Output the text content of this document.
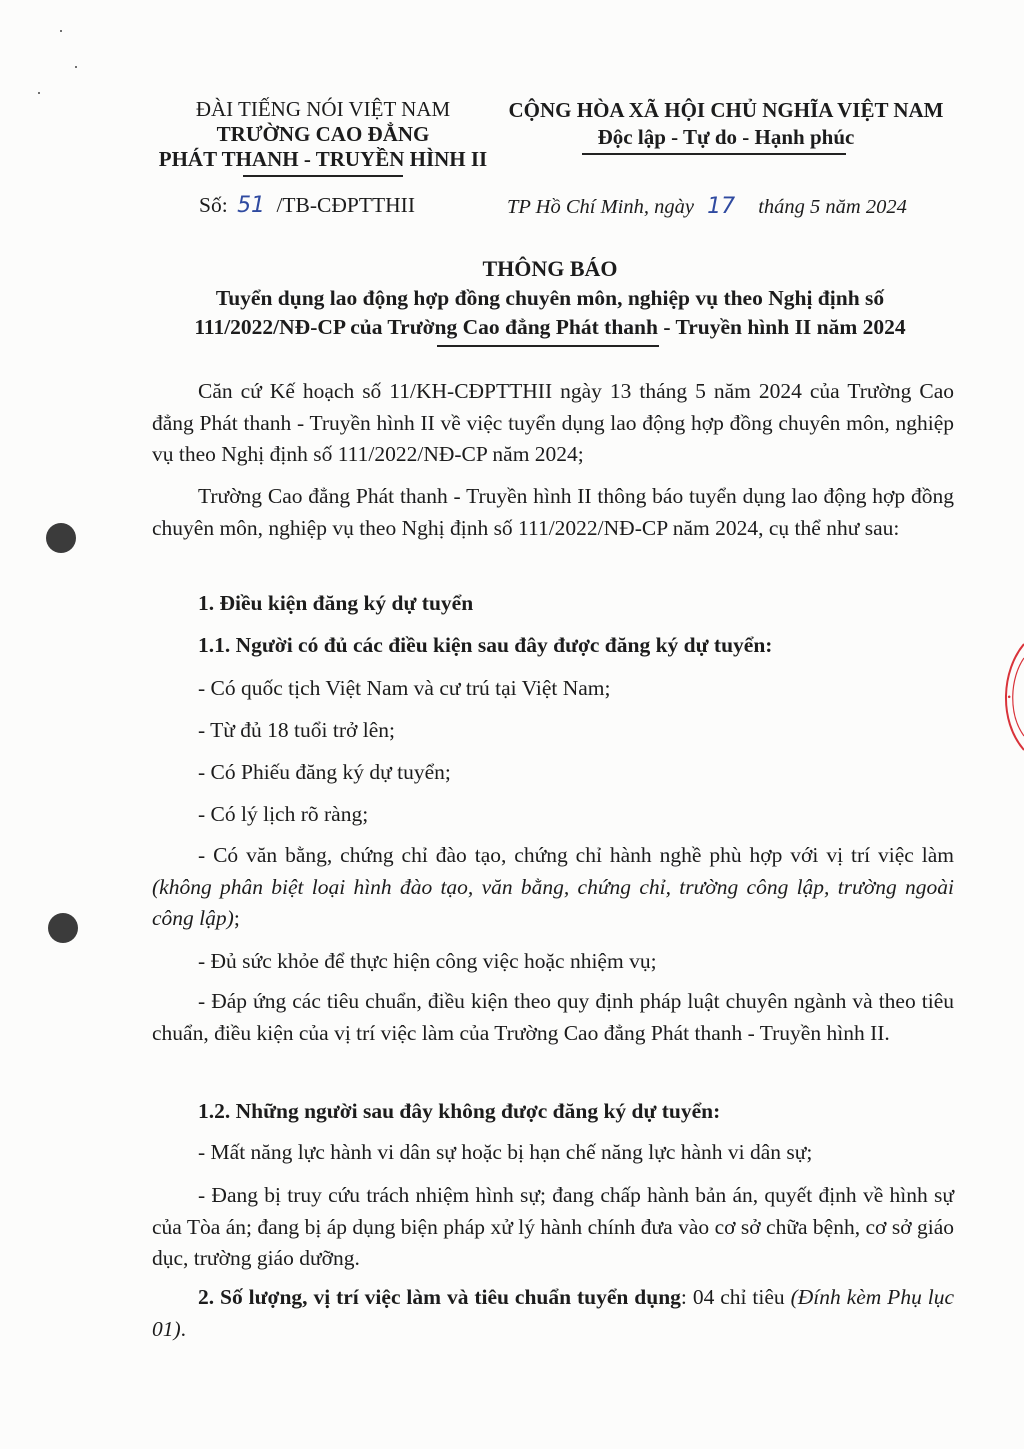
ĐÀI TIẾNG NÓI VIỆT NAM
TRƯỜNG CAO ĐẲNG
PHÁT THANH - TRUYỀN HÌNH II
CỘNG HÒA XÃ HỘI CHỦ NGHĨA VIỆT NAM
Độc lập - Tự do - Hạnh phúc
Số: 51 /TB-CĐPTTHII	TP Hồ Chí Minh, ngày 17 tháng 5 năm 2024
THÔNG BÁO
Tuyển dụng lao động hợp đồng chuyên môn, nghiệp vụ theo Nghị định số
111/2022/NĐ-CP của Trường Cao đẳng Phát thanh - Truyền hình II năm 2024
Căn cứ Kế hoạch số 11/KH-CĐPTTHII ngày 13 tháng 5 năm 2024 của Trường Cao đẳng Phát thanh - Truyền hình II về việc tuyển dụng lao động hợp đồng chuyên môn, nghiệp vụ theo Nghị định số 111/2022/NĐ-CP năm 2024;
Trường Cao đẳng Phát thanh - Truyền hình II thông báo tuyển dụng lao động hợp đồng chuyên môn, nghiệp vụ theo Nghị định số 111/2022/NĐ-CP năm 2024, cụ thể như sau:
1. Điều kiện đăng ký dự tuyển
1.1. Người có đủ các điều kiện sau đây được đăng ký dự tuyển:
- Có quốc tịch Việt Nam và cư trú tại Việt Nam;
- Từ đủ 18 tuổi trở lên;
- Có Phiếu đăng ký dự tuyển;
- Có lý lịch rõ ràng;
- Có văn bằng, chứng chỉ đào tạo, chứng chỉ hành nghề phù hợp với vị trí việc làm (không phân biệt loại hình đào tạo, văn bằng, chứng chỉ, trường công lập, trường ngoài công lập);
- Đủ sức khỏe để thực hiện công việc hoặc nhiệm vụ;
- Đáp ứng các tiêu chuẩn, điều kiện theo quy định pháp luật chuyên ngành và theo tiêu chuẩn, điều kiện của vị trí việc làm của Trường Cao đẳng Phát thanh - Truyền hình II.
1.2. Những người sau đây không được đăng ký dự tuyển:
- Mất năng lực hành vi dân sự hoặc bị hạn chế năng lực hành vi dân sự;
- Đang bị truy cứu trách nhiệm hình sự; đang chấp hành bản án, quyết định về hình sự của Tòa án; đang bị áp dụng biện pháp xử lý hành chính đưa vào cơ sở chữa bệnh, cơ sở giáo dục, trường giáo dưỡng.
2. Số lượng, vị trí việc làm và tiêu chuẩn tuyển dụng: 04 chỉ tiêu (Đính kèm Phụ lục 01).
•
